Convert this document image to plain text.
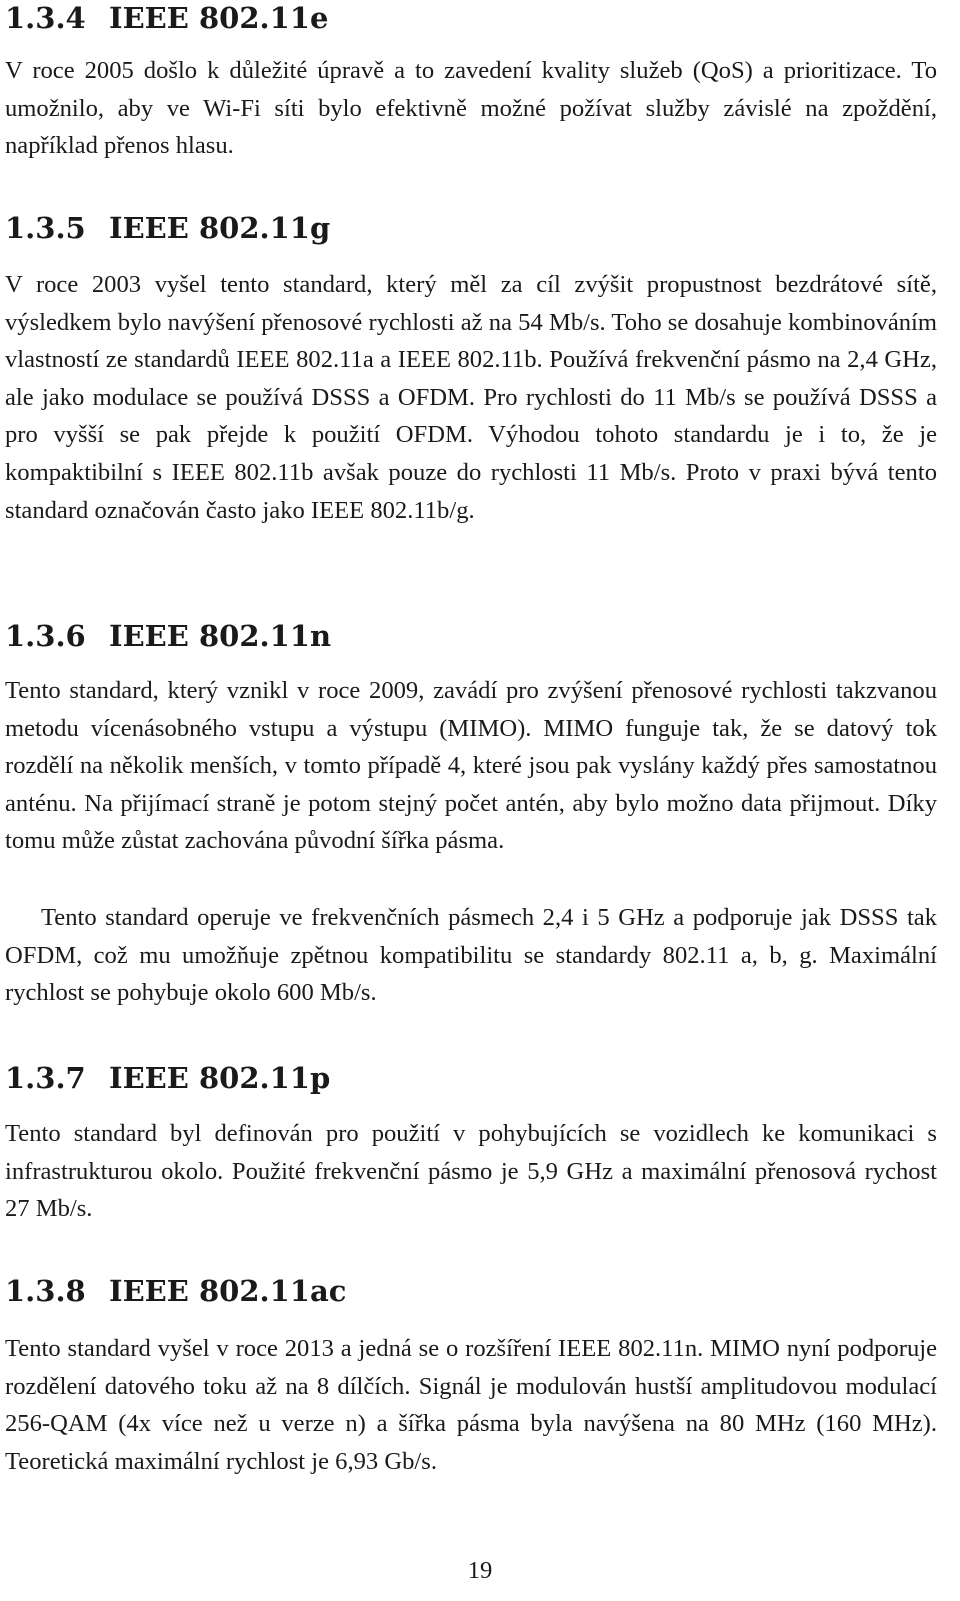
1.3.4 IEEE 802.11e

V roce 2005 došlo k důležité úpravě a to zavedení kvality služeb (QoS) a prioritizace. To umožnilo, aby ve Wi-Fi síti bylo efektivně možné požívat služby závislé na zpoždění, například přenos hlasu.

1.3.5 IEEE 802.11g

V roce 2003 vyšel tento standard, který měl za cíl zvýšit propustnost bezdrátové sítě, výsledkem bylo navýšení přenosové rychlosti až na 54 Mb/s. Toho se dosahuje kombinováním vlastností ze standardů IEEE 802.11a a IEEE 802.11b. Používá frekvenční pásmo na 2,4 GHz, ale jako modulace se používá DSSS a OFDM. Pro rychlosti do 11 Mb/s se používá DSSS a pro vyšší se pak přejde k použití OFDM. Výhodou tohoto standardu je i to, že je kompaktibilní s IEEE 802.11b avšak pouze do rychlosti 11 Mb/s. Proto v praxi bývá tento standard označován často jako IEEE 802.11b/g.

1.3.6 IEEE 802.11n

Tento standard, který vznikl v roce 2009, zavádí pro zvýšení přenosové rychlosti takzvanou metodu vícenásobného vstupu a výstupu (MIMO). MIMO funguje tak, že se datový tok rozdělí na několik menších, v tomto případě 4, které jsou pak vyslány každý přes samostatnou anténu. Na přijímací straně je potom stejný počet antén, aby bylo možno data přijmout. Díky tomu může zůstat zachována původní šířka pásma.

Tento standard operuje ve frekvenčních pásmech 2,4 i 5 GHz a podporuje jak DSSS tak OFDM, což mu umožňuje zpětnou kompatibilitu se standardy 802.11 a, b, g. Maximální rychlost se pohybuje okolo 600 Mb/s.

1.3.7 IEEE 802.11p

Tento standard byl definován pro použití v pohybujících se vozidlech ke komunikaci s infrastrukturou okolo. Použité frekvenční pásmo je 5,9 GHz a maximální přenosová rychost 27 Mb/s.

1.3.8 IEEE 802.11ac

Tento standard vyšel v roce 2013 a jedná se o rozšíření IEEE 802.11n. MIMO nyní podporuje rozdělení datového toku až na 8 dílčích. Signál je modulován hustší amplitudovou modulací 256-QAM (4x více než u verze n) a šířka pásma byla navýšena na 80 MHz (160 MHz). Teoretická maximální rychlost je 6,93 Gb/s.

19
